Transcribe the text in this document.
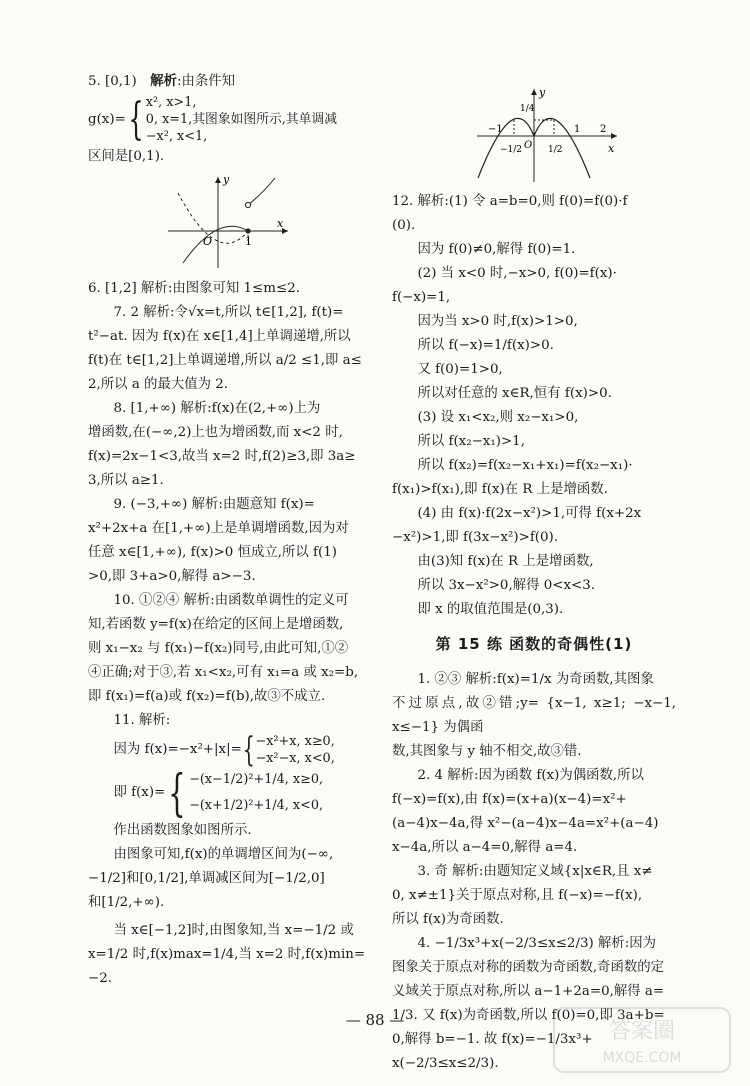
5. [0,1)　 解析:由条件知

g(x)= { x², x>1,
0, x=1,其图象如图所示,其单调减
−x², x<1,

区间是[0,1).

y
x
O	1

6. [1,2] 解析:由图象可知 1≤m≤2.

7. 2 解析:令√x=t,所以 t∈[1,2], f(t)=

t²−at. 因为 f(x)在 x∈[1,4]上单调递增,所以

f(t)在 t∈[1,2]上单调递增,所以 a/2 ≤1,即 a≤

2,所以 a 的最大值为 2.

8. [1,+∞) 解析:f(x)在(2,+∞)上为

增函数,在(−∞,2)上也为增函数,而 x<2 时,

f(x)=2x−1<3,故当 x=2 时,f(2)≥3,即 3a≥

3,所以 a≥1.

9. (−3,+∞) 解析:由题意知 f(x)=

x²+2x+a 在[1,+∞)上是单调增函数,因为对

任意 x∈[1,+∞), f(x)>0 恒成立,所以 f(1)

>0,即 3+a>0,解得 a>−3.

10. ①②④ 解析:由函数单调性的定义可

知,若函数 y=f(x)在给定的区间上是增函数,

则 x₁−x₂ 与 f(x₁)−f(x₂)同号,由此可知,①②

④正确;对于③,若 x₁<x₂,可有 x₁=a 或 x₂=b,

即 f(x₁)=f(a)或 f(x₂)=f(b),故③不成立.

11. 解析:

因为 f(x)=−x²+|x|= { −x²+x, x≥0,
−x²−x, x<0,
即 f(x)= { −(x−1/2)²+1/4, x≥0,
−(x+1/2)²+1/4, x<0,

作出函数图象如图所示.

由图象可知,f(x)的单调增区间为(−∞,

−1/2]和[0,1/2],单调减区间为[−1/2,0]

和[1/2,+∞).

当 x∈[−1,2]时,由图象知,当 x=−1/2 或

x=1/2 时,f(x)max=1/4,当 x=2 时,f(x)min=

−2.

y
x
O
1/4
−1	1 2
−1/2	1/2

12. 解析:(1) 令 a=b=0,则 f(0)=f(0)·f

(0).

因为 f(0)≠0,解得 f(0)=1.

(2) 当 x<0 时,−x>0, f(0)=f(x)·

f(−x)=1,

因为当 x>0 时,f(x)>1>0,

所以 f(−x)=1/f(x)>0.

又 f(0)=1>0,

所以对任意的 x∈R,恒有 f(x)>0.

(3) 设 x₁<x₂,则 x₂−x₁>0,

所以 f(x₂−x₁)>1,

所以 f(x₂)=f(x₂−x₁+x₁)=f(x₂−x₁)·

f(x₁)>f(x₁),即 f(x)在 R 上是增函数.

(4) 由 f(x)·f(2x−x²)>1,可得 f(x+2x

−x²)>1,即 f(3x−x²)>f(0).

由(3)知 f(x)在 R 上是增函数,

所以 3x−x²>0,解得 0<x<3.

即 x 的取值范围是(0,3).

第 15 练 函数的奇偶性(1)

1. ②③ 解析:f(x)=1/x 为奇函数,其图象

不过原点,故②错;y= {x−1, x≥1; −x−1, x≤−1} 为偶函

数,其图象与 y 轴不相交,故③错.

2. 4 解析:因为函数 f(x)为偶函数,所以

f(−x)=f(x),由 f(x)=(x+a)(x−4)=x²+

(a−4)x−4a,得 x²−(a−4)x−4a=x²+(a−4)

x−4a,所以 a−4=0,解得 a=4.

3. 奇 解析:由题知定义域{x|x∈R,且 x≠

0, x≠±1}关于原点对称,且 f(−x)=−f(x),

所以 f(x)为奇函数.

4. −1/3x³+x(−2/3≤x≤2/3) 解析:因为

图象关于原点对称的函数为奇函数,奇函数的定

义域关于原点对称,所以 a−1+2a=0,解得 a=

1/3. 又 f(x)为奇函数,所以 f(0)=0,即 3a+b=

0,解得 b=−1. 故 f(x)=−1/3x³+

x(−2/3≤x≤2/3).

— 88 —	答案圈
MXQE.COM
